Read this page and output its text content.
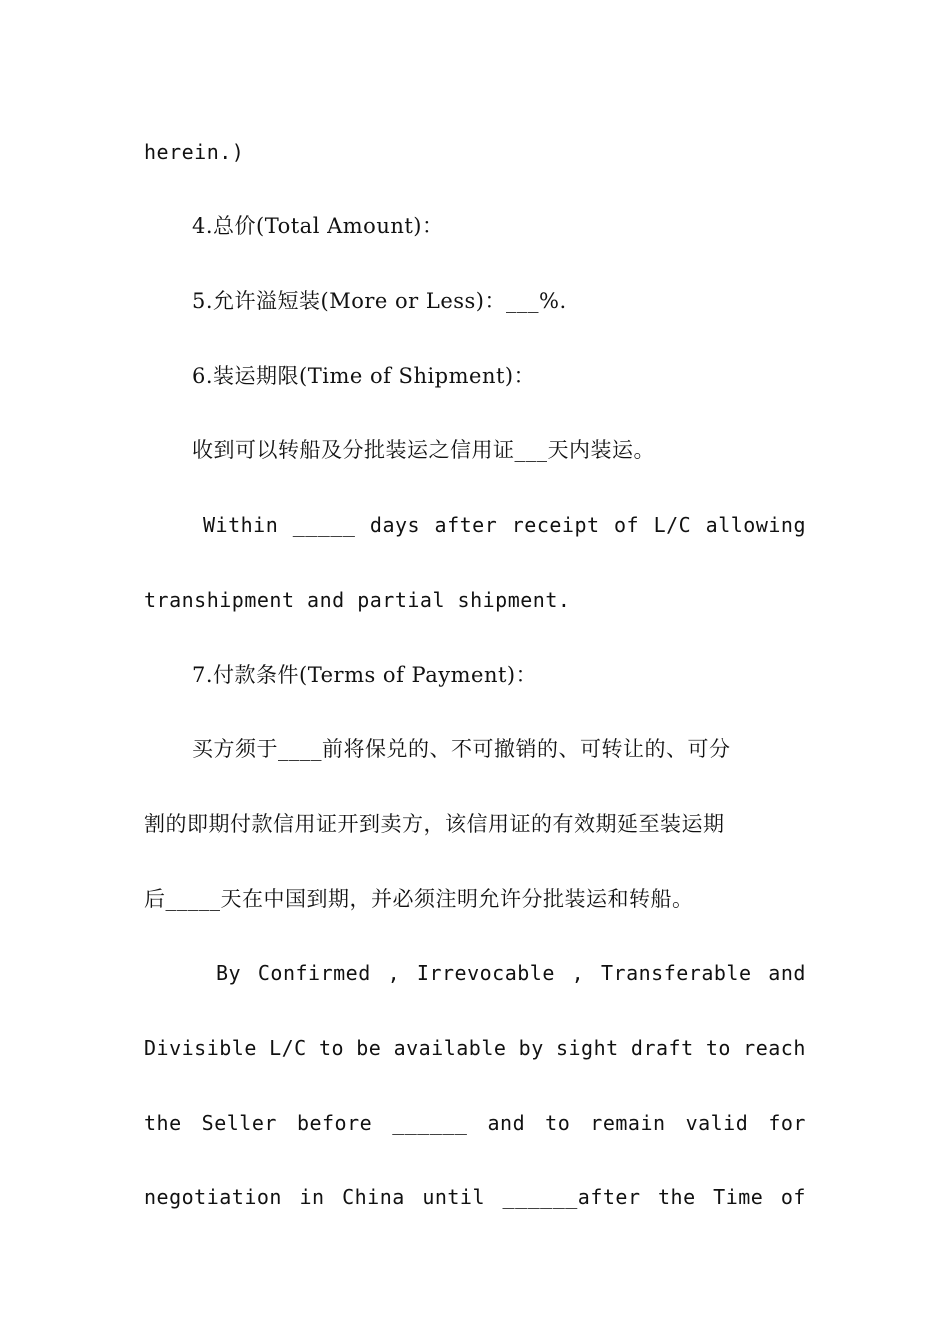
herein.)
4.总价(Total Amount)：
5.允许溢短装(More or Less)：___%.
6.装运期限(Time of Shipment)：
收到可以转船及分批装运之信用证___天内装运。
Within _____ days after receipt of L/C allowing
transhipment and partial shipment.
7.付款条件(Terms of Payment)：
买方须于____前将保兑的、不可撤销的、可转让的、可分
割的即期付款信用证开到卖方，该信用证的有效期延至装运期
后_____天在中国到期，并必须注明允许分批装运和转船。
By Confirmed , Irrevocable , Transferable and
Divisible L/C to be available by sight draft to reach
the Seller before ______ and to remain valid for
negotiation in China until ______after the Time of
